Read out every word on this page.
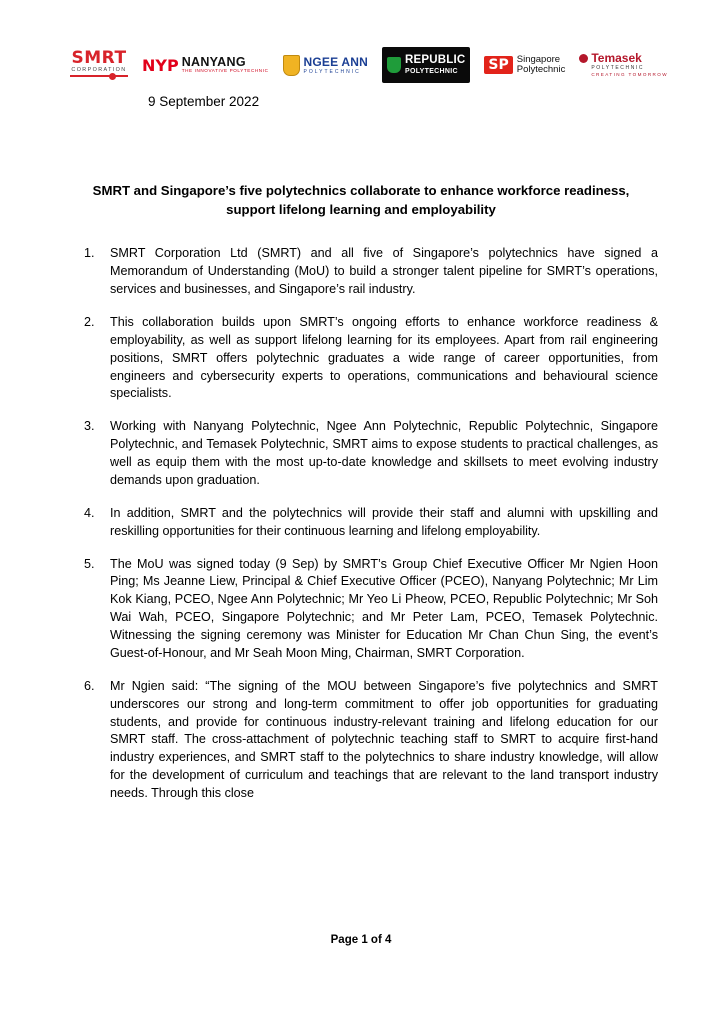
SMRT
CORPORATION NYP NANYANG
THE INNOVATIVE POLYTECHNIC
NGEE ANN
POLYTECHNIC
REPUBLIC
POLYTECHNIC	SP Singapore
Polytechnic
Temasek
POLYTECHNIC
CREATING TOMORROW
9 September 2022
SMRT and Singapore’s five polytechnics collaborate to enhance workforce readiness, support lifelong learning and employability
1.	SMRT Corporation Ltd (SMRT) and all five of Singapore’s polytechnics have signed a Memorandum of Understanding (MoU) to build a stronger talent pipeline for SMRT’s operations, services and businesses, and Singapore’s rail industry.
2.	This collaboration builds upon SMRT’s ongoing efforts to enhance workforce readiness & employability, as well as support lifelong learning for its employees. Apart from rail engineering positions, SMRT offers polytechnic graduates a wide range of career opportunities, from engineers and cybersecurity experts to operations, communications and behavioural science specialists.
3.	Working with Nanyang Polytechnic, Ngee Ann Polytechnic, Republic Polytechnic, Singapore Polytechnic, and Temasek Polytechnic, SMRT aims to expose students to practical challenges, as well as equip them with the most up-to-date knowledge and skillsets to meet evolving industry demands upon graduation.
4.	In addition, SMRT and the polytechnics will provide their staff and alumni with upskilling and reskilling opportunities for their continuous learning and lifelong employability.
5.	The MoU was signed today (9 Sep) by SMRT’s Group Chief Executive Officer Mr Ngien Hoon Ping; Ms Jeanne Liew, Principal & Chief Executive Officer (PCEO), Nanyang Polytechnic; Mr Lim Kok Kiang, PCEO, Ngee Ann Polytechnic; Mr Yeo Li Pheow, PCEO, Republic Polytechnic; Mr Soh Wai Wah, PCEO, Singapore Polytechnic; and Mr Peter Lam, PCEO, Temasek Polytechnic. Witnessing the signing ceremony was Minister for Education Mr Chan Chun Sing, the event’s Guest-of-Honour, and Mr Seah Moon Ming, Chairman, SMRT Corporation.
6.	Mr Ngien said: “The signing of the MOU between Singapore’s five polytechnics and SMRT underscores our strong and long-term commitment to offer job opportunities for graduating students, and provide for continuous industry-relevant training and lifelong education for our SMRT staff. The cross-attachment of polytechnic teaching staff to SMRT to acquire first-hand industry experiences, and SMRT staff to the polytechnics to share industry knowledge, will allow for the development of curriculum and teachings that are relevant to the land transport industry needs. Through this close
Page 1 of 4
